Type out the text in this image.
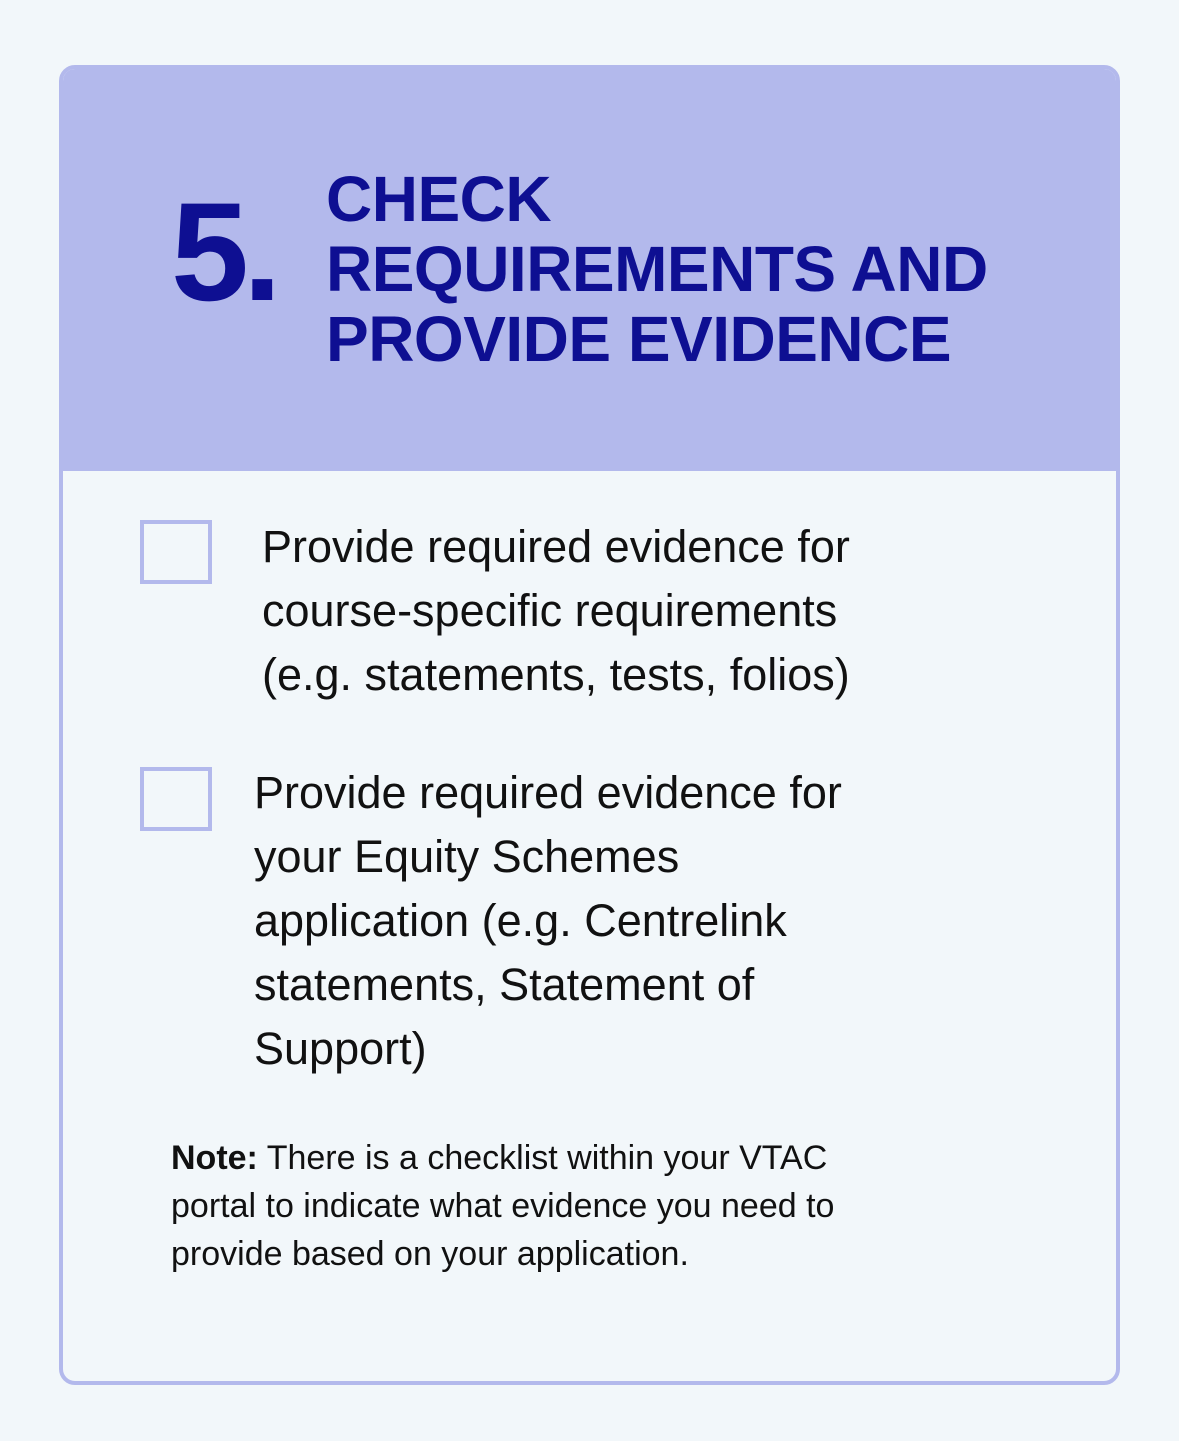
5. CHECK
REQUIREMENTS AND
PROVIDE EVIDENCE
Provide required evidence for
course-specific requirements
(e.g. statements, tests, folios)
Provide required evidence for
your Equity Schemes
application (e.g. Centrelink
statements, Statement of
Support)
Note: There is a checklist within your VTAC
portal to indicate what evidence you need to
provide based on your application.
